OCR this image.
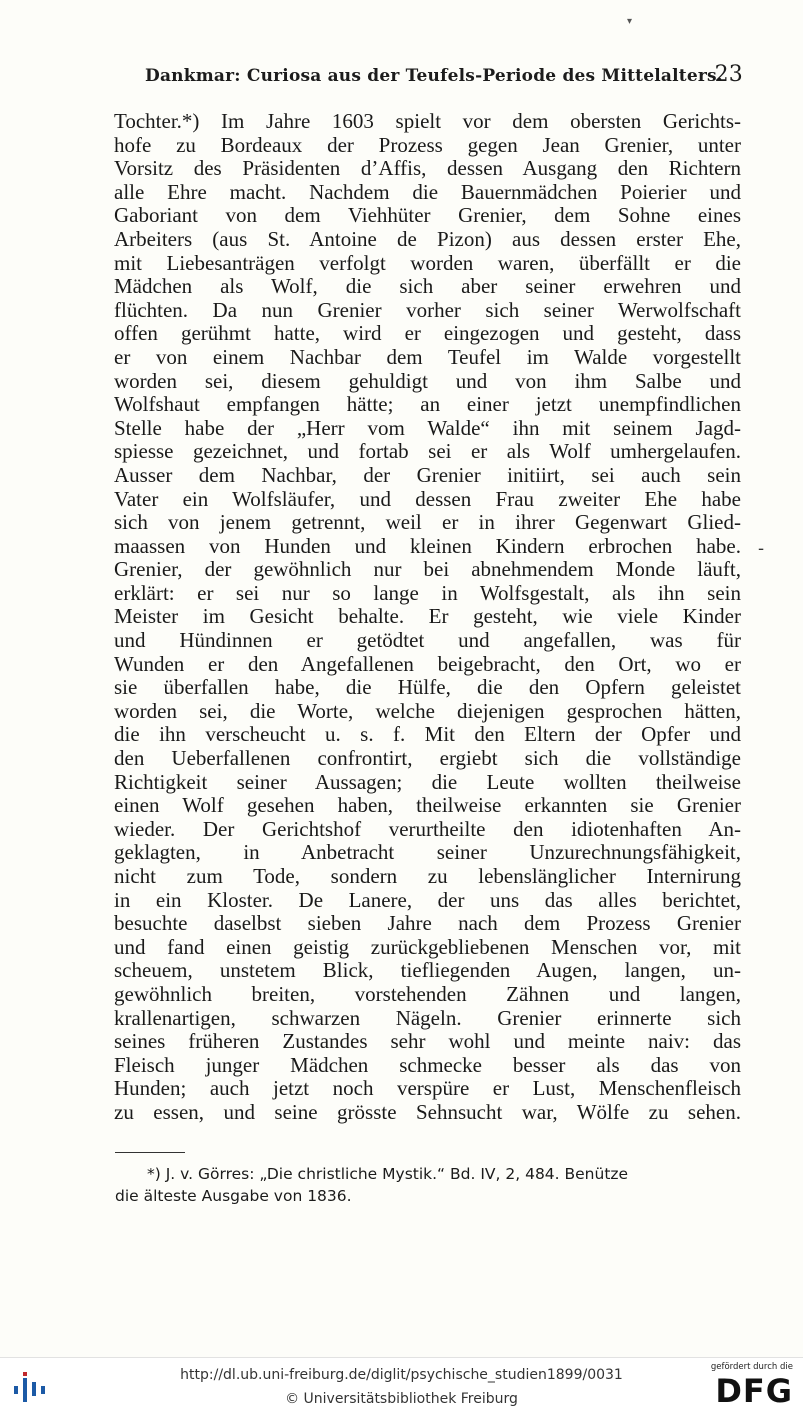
▾
Dankmar: Curiosa aus der Teufels-Periode des Mittelalters.
23
Tochter.*) Im Jahre 1603 spielt vor dem obersten Gerichts-
hofe zu Bordeaux der Prozess gegen Jean Grenier, unter
Vorsitz des Präsidenten d’Affis, dessen Ausgang den Richtern
alle Ehre macht. Nachdem die Bauernmädchen Poierier und
Gaboriant von dem Viehhüter Grenier, dem Sohne eines
Arbeiters (aus St. Antoine de Pizon) aus dessen erster Ehe,
mit Liebesanträgen verfolgt worden waren, überfällt er die
Mädchen als Wolf, die sich aber seiner erwehren und
flüchten. Da nun Grenier vorher sich seiner Werwolfschaft
offen gerühmt hatte, wird er eingezogen und gesteht, dass
er von einem Nachbar dem Teufel im Walde vorgestellt
worden sei, diesem gehuldigt und von ihm Salbe und
Wolfshaut empfangen hätte; an einer jetzt unempfindlichen
Stelle habe der „Herr vom Walde“ ihn mit seinem Jagd-
spiesse gezeichnet, und fortab sei er als Wolf umhergelaufen.
Ausser dem Nachbar, der Grenier initiirt, sei auch sein
Vater ein Wolfsläufer, und dessen Frau zweiter Ehe habe
sich von jenem getrennt, weil er in ihrer Gegenwart Glied-
maassen von Hunden und kleinen Kindern erbrochen habe.
Grenier, der gewöhnlich nur bei abnehmendem Monde läuft,
erklärt: er sei nur so lange in Wolfsgestalt, als ihn sein
Meister im Gesicht behalte. Er gesteht, wie viele Kinder
und Hündinnen er getödtet und angefallen, was für
Wunden er den Angefallenen beigebracht, den Ort, wo er
sie überfallen habe, die Hülfe, die den Opfern geleistet
worden sei, die Worte, welche diejenigen gesprochen hätten,
die ihn verscheucht u. s. f. Mit den Eltern der Opfer und
den Ueberfallenen confrontirt, ergiebt sich die vollständige
Richtigkeit seiner Aussagen; die Leute wollten theilweise
einen Wolf gesehen haben, theilweise erkannten sie Grenier
wieder. Der Gerichtshof verurtheilte den idiotenhaften An-
geklagten, in Anbetracht seiner Unzurechnungsfähigkeit,
nicht zum Tode, sondern zu lebenslänglicher Internirung
in ein Kloster. De Lanere, der uns das alles berichtet,
besuchte daselbst sieben Jahre nach dem Prozess Grenier
und fand einen geistig zurückgebliebenen Menschen vor, mit
scheuem, unstetem Blick, tiefliegenden Augen, langen, un-
gewöhnlich breiten, vorstehenden Zähnen und langen,
krallenartigen, schwarzen Nägeln. Grenier erinnerte sich
seines früheren Zustandes sehr wohl und meinte naiv: das
Fleisch junger Mädchen schmecke besser als das von
Hunden; auch jetzt noch verspüre er Lust, Menschenfleisch
zu essen, und seine grösste Sehnsucht war, Wölfe zu sehen.
-
*) J. v. Görres: „Die christliche Mystik.“ Bd. IV, 2, 484. Benütze
die älteste Ausgabe von 1836.
http://dl.ub.uni-freiburg.de/diglit/psychische_studien1899/0031
© Universitätsbibliothek Freiburg
gefördert durch die
DFG
